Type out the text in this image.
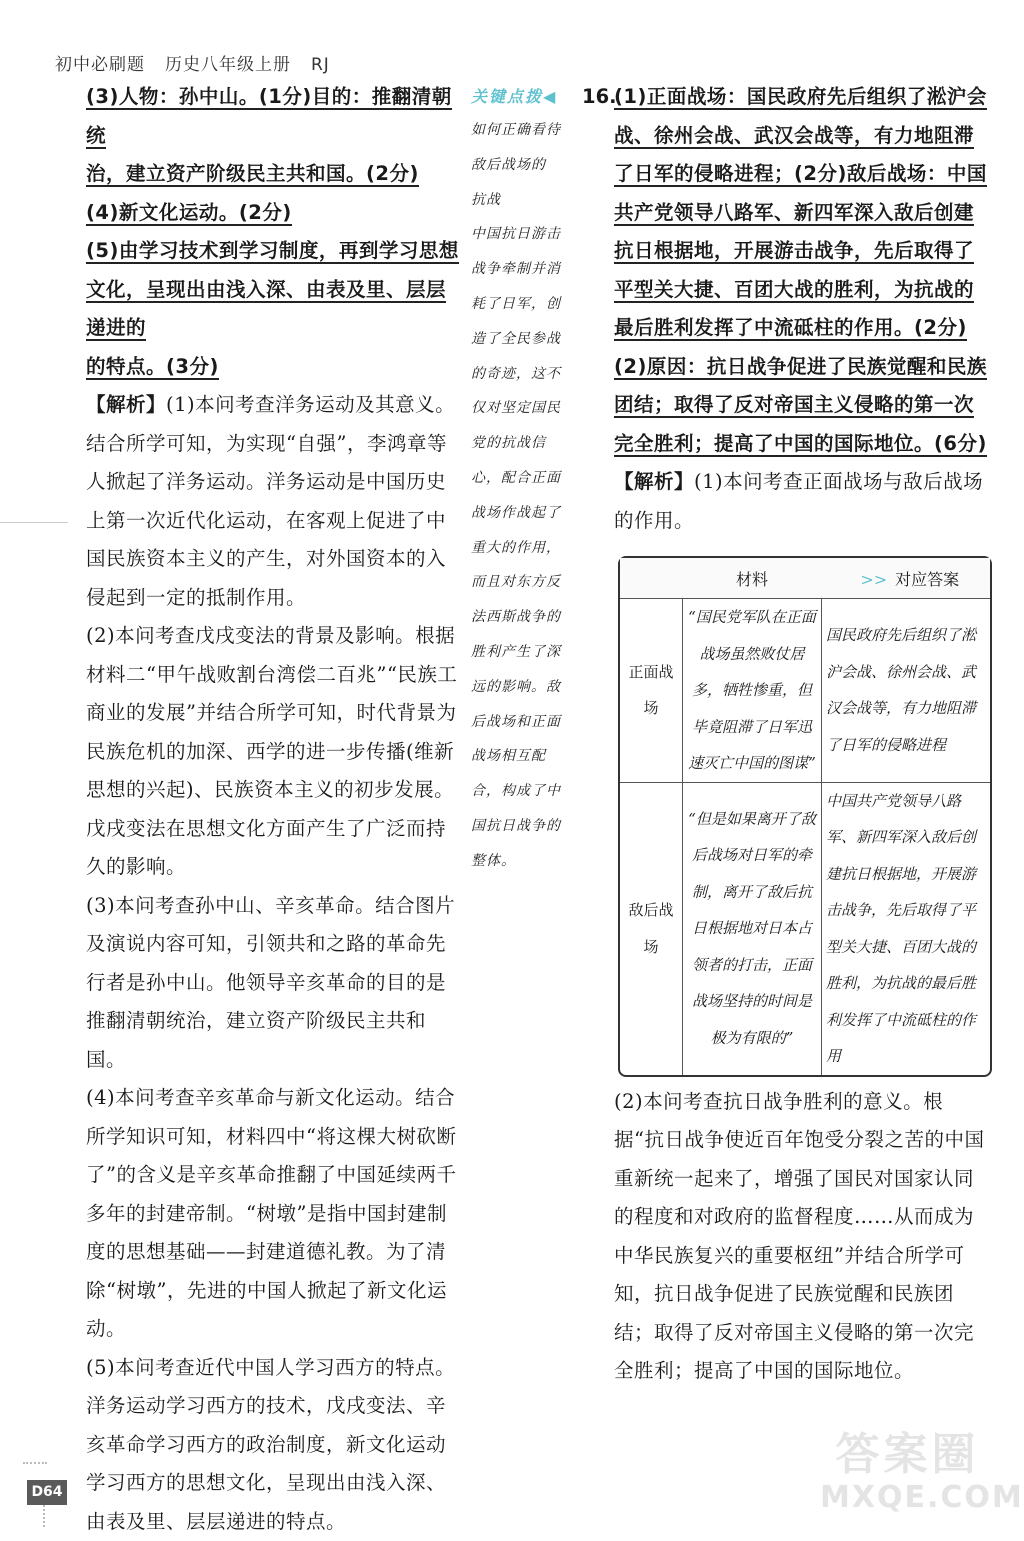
初中必刷题 历史八年级上册 RJ

(3)人物：孙中山。(1分)目的：推翻清朝统
治，建立资产阶级民主共和国。(2分)

(4)新文化运动。(2分)

(5)由学习技术到学习制度，再到学习思想
文化，呈现出由浅入深、由表及里、层层递进的
的特点。(3分)

【解析】(1)本问考查洋务运动及其意义。结合所学可知，为实现“自强”，李鸿章等人掀起了洋务运动。洋务运动是中国历史上第一次近代化运动，在客观上促进了中国民族资本主义的产生，对外国资本的入侵起到一定的抵制作用。

(2)本问考查戊戌变法的背景及影响。根据材料二“甲午战败割台湾偿二百兆”“民族工商业的发展”并结合所学可知，时代背景为民族危机的加深、西学的进一步传播(维新思想的兴起)、民族资本主义的初步发展。戊戌变法在思想文化方面产生了广泛而持久的影响。

(3)本问考查孙中山、辛亥革命。结合图片及演说内容可知，引领共和之路的革命先行者是孙中山。他领导辛亥革命的目的是推翻清朝统治，建立资产阶级民主共和国。

(4)本问考查辛亥革命与新文化运动。结合所学知识可知，材料四中“将这棵大树砍断了”的含义是辛亥革命推翻了中国延续两千多年的封建帝制。“树墩”是指中国封建制度的思想基础——封建道德礼教。为了清除“树墩”，先进的中国人掀起了新文化运动。

(5)本问考查近代中国人学习西方的特点。洋务运动学习西方的技术，戊戌变法、辛亥革命学习西方的政治制度，新文化运动学习西方的思想文化，呈现出由浅入深、由表及里、层层递进的特点。

关键点拨◀
如何正确看待
敌后战场的
抗战
中国抗日游击
战争牵制并消
耗了日军，创
造了全民参战
的奇迹，这不
仅对坚定国民
党的抗战信
心，配合正面
战场作战起了
重大的作用，
而且对东方反
法西斯战争的
胜利产生了深
远的影响。敌
后战场和正面
战场相互配
合，构成了中
国抗日战争的
整体。
16.

(1)正面战场：国民政府先后组织了淞沪会战、徐州会战、武汉会战等，有力地阻滞了日军的侵略进程；(2分)敌后战场：中国共产党领导八路军、新四军深入敌后创建抗日根据地，开展游击战争，先后取得了平型关大捷、百团大战的胜利，为抗战的最后胜利发挥了中流砥柱的作用。(2分)

(2)原因：抗日战争促进了民族觉醒和民族团结；取得了反对帝国主义侵略的第一次完全胜利；提高了中国的国际地位。(6分)

【解析】(1)本问考查正面战场与敌后战场的作用。

	材料	>> 对应答案
正面战场	“国民党军队在正面战场虽然败仗居多，牺牲惨重，但毕竟阻滞了日军迅速灭亡中国的图谋”	国民政府先后组织了淞沪会战、徐州会战、武汉会战等，有力地阻滞了日军的侵略进程
敌后战场	“但是如果离开了敌后战场对日军的牵制，离开了敌后抗日根据地对日本占领者的打击，正面战场坚持的时间是极为有限的”	中国共产党领导八路军、新四军深入敌后创建抗日根据地，开展游击战争，先后取得了平型关大捷、百团大战的胜利，为抗战的最后胜利发挥了中流砥柱的作用

(2)本问考查抗日战争胜利的意义。根据“抗日战争使近百年饱受分裂之苦的中国重新统一起来了，增强了国民对国家认同的程度和对政府的监督程度……从而成为中华民族复兴的重要枢纽”并结合所学可知，抗日战争促进了民族觉醒和民族团结；取得了反对帝国主义侵略的第一次完全胜利；提高了中国的国际地位。

D64
答案圈
MXQE.COM
